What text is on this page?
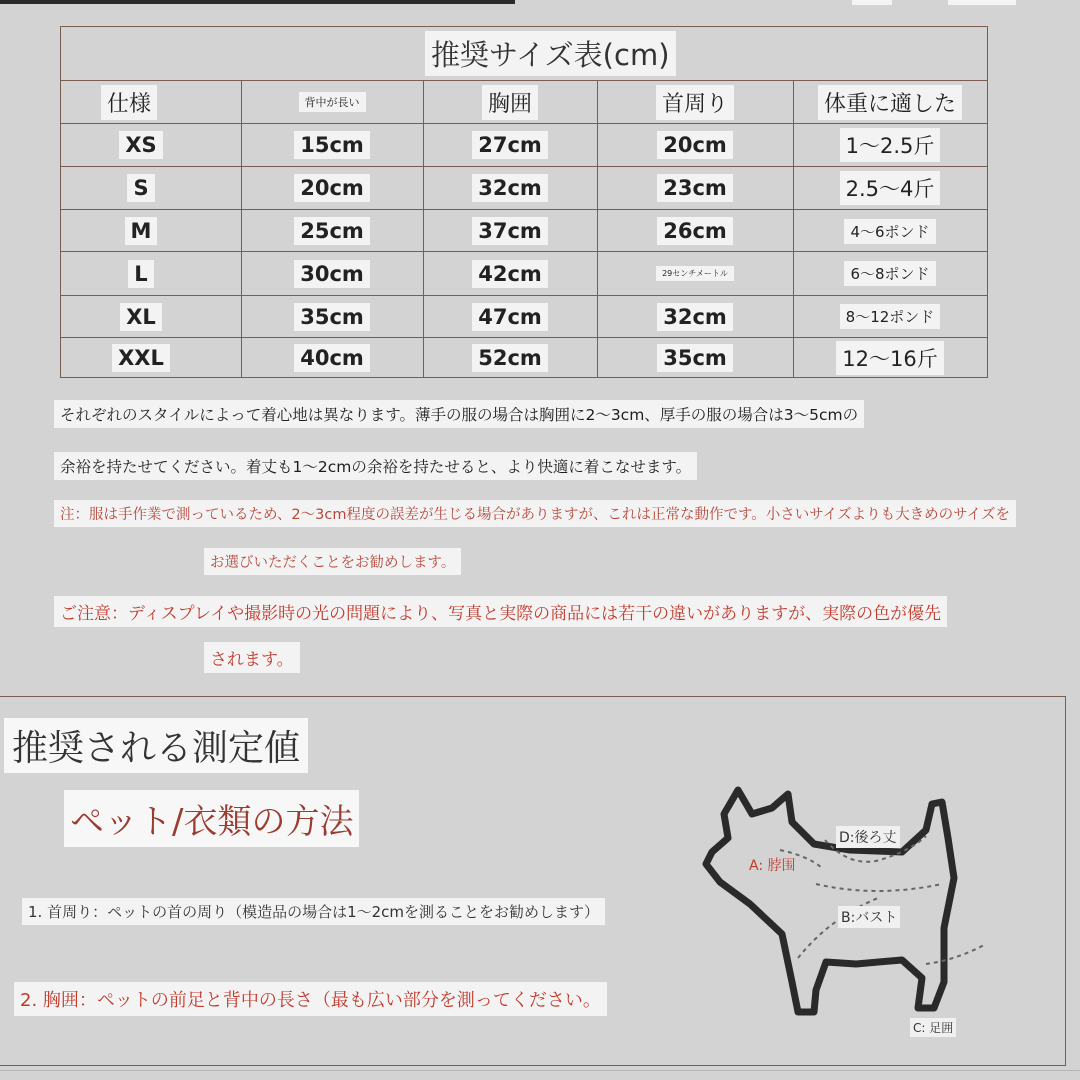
推奨サイズ表(cm)
仕様	背中が長い	胸囲	首周り	体重に適した
XS	15cm	27cm	20cm	1〜2.5斤
S	20cm	32cm	23cm	2.5〜4斤
M	25cm	37cm	26cm	4〜6ポンド
L	30cm	42cm	29センチメートル	6〜8ポンド
XL	35cm	47cm	32cm	8〜12ポンド
XXL	40cm	52cm	35cm	12〜16斤
それぞれのスタイルによって着心地は異なります。薄手の服の場合は胸囲に2〜3cm、厚手の服の場合は3〜5cmの
余裕を持たせてください。着丈も1〜2cmの余裕を持たせると、より快適に着こなせます。
注：服は手作業で測っているため、2〜3cm程度の誤差が生じる場合がありますが、これは正常な動作です。小さいサイズよりも大きめのサイズを
お選びいただくことをお勧めします。
ご注意：ディスプレイや撮影時の光の問題により、写真と実際の商品には若干の違いがありますが、実際の色が優先
されます。
推奨される測定値
ペット/衣類の方法
1. 首周り：ペットの首の周り（模造品の場合は1〜2cmを測ることをお勧めします）
2. 胸囲：ペットの前足と背中の長さ（最も広い部分を測ってください。
D:後ろ丈
A: 脖围
B:バスト
C: 足囲
